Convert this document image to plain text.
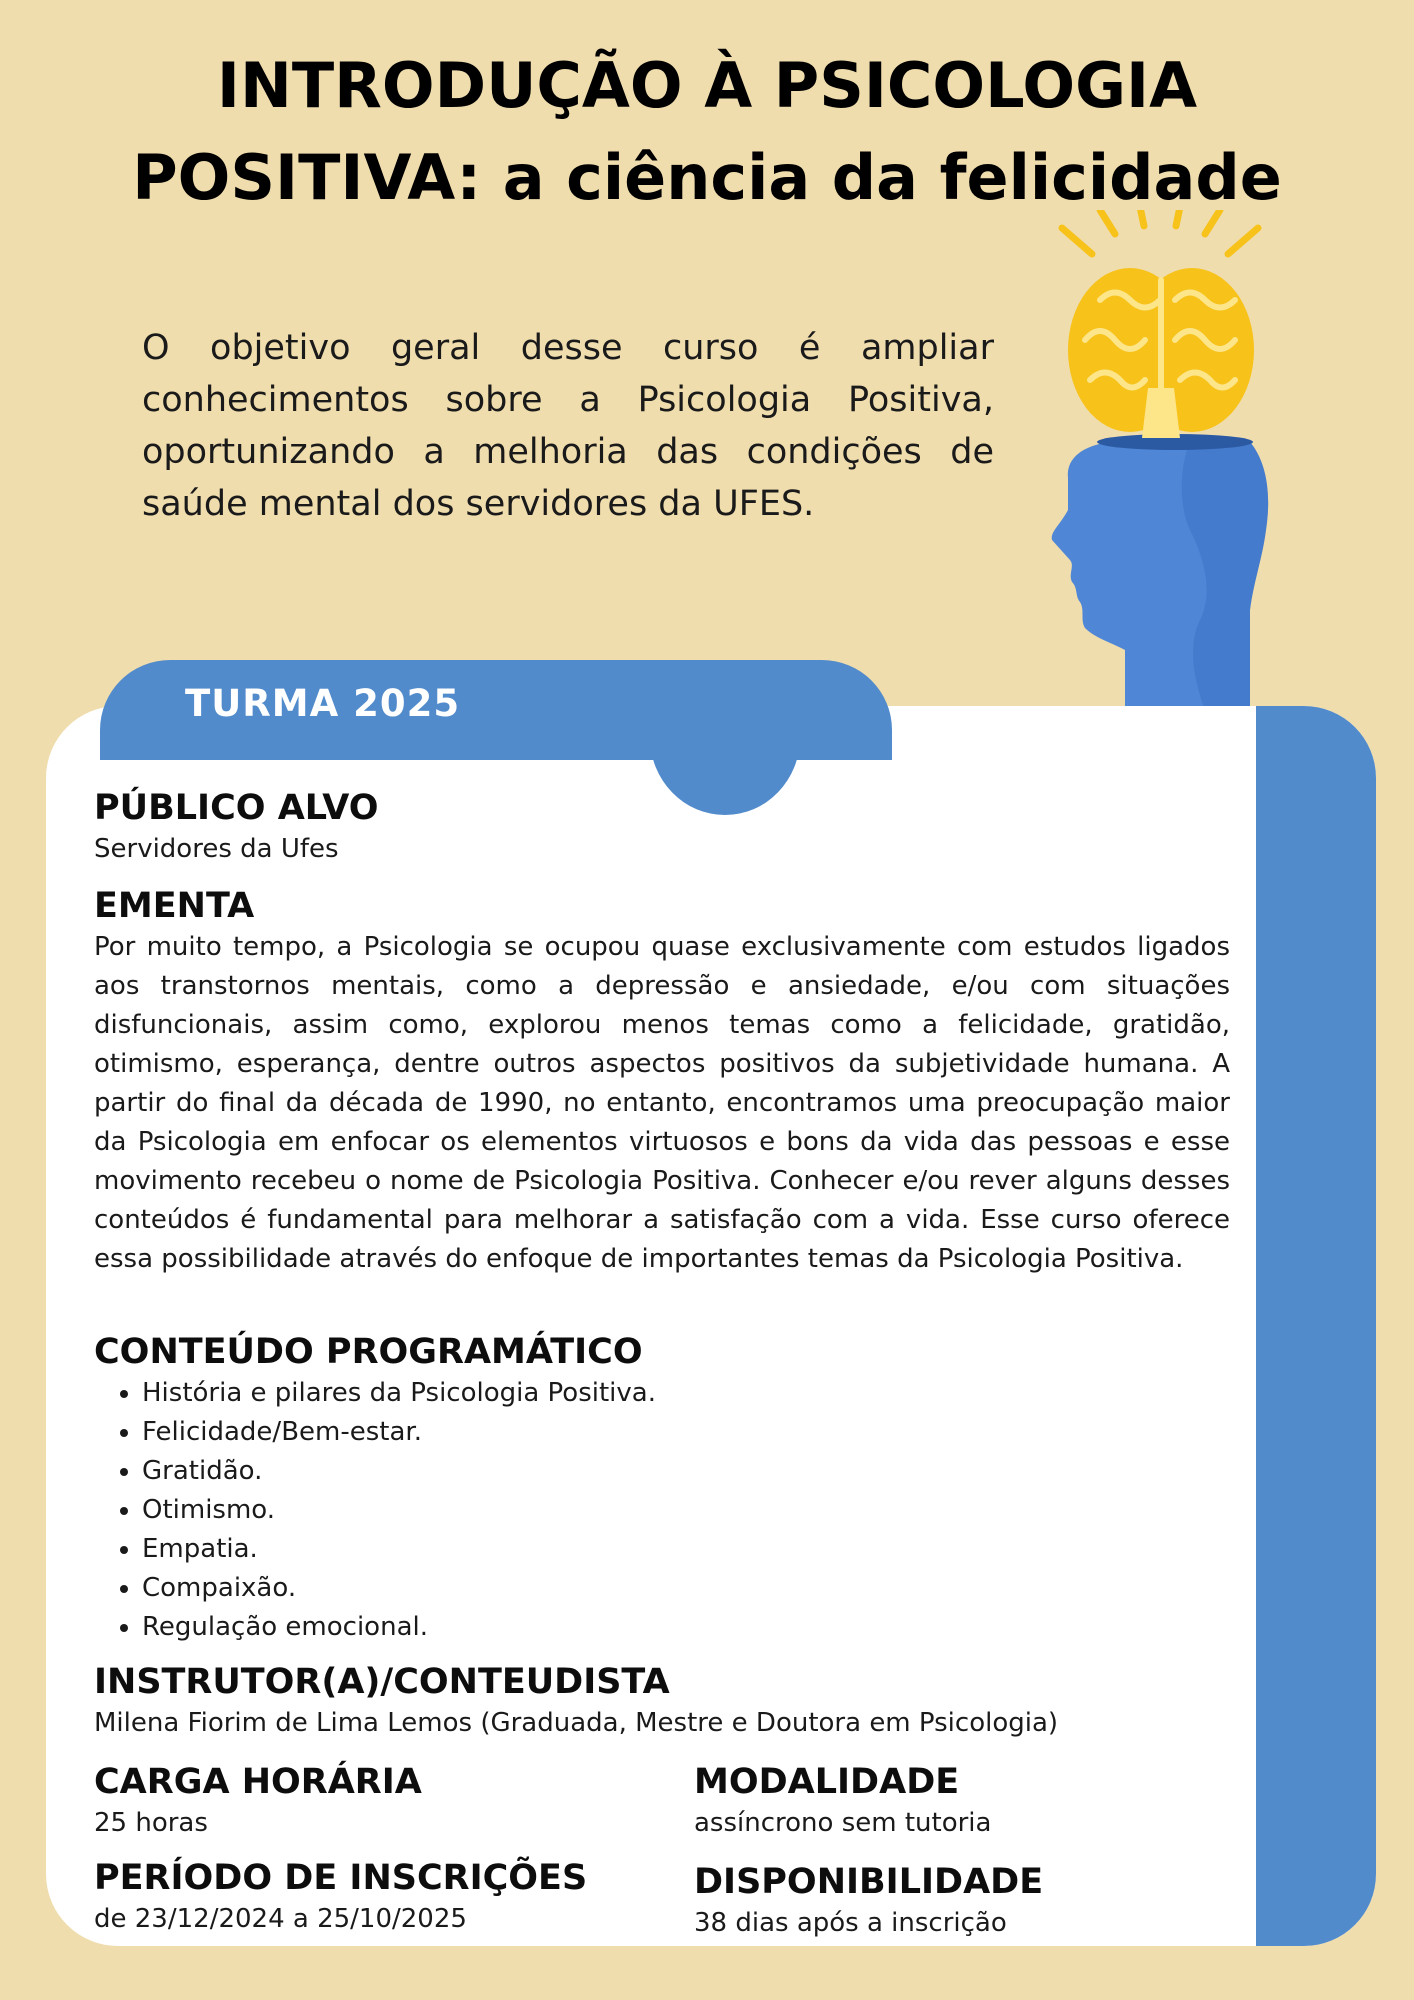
INTRODUÇÃO À PSICOLOGIA
POSITIVA: a ciência da felicidade

O objetivo geral desse curso é ampliar conhecimentos sobre a Psicologia Positiva, oportunizando a melhoria das condições de saúde mental dos servidores da UFES.

TURMA 2025
PÚBLICO ALVO

Servidores da Ufes

EMENTA

Por muito tempo, a Psicologia se ocupou quase exclusivamente com estudos ligados aos transtornos mentais, como a depressão e ansiedade, e/ou com situações disfuncionais, assim como, explorou menos temas como a felicidade, gratidão, otimismo, esperança, dentre outros aspectos positivos da subjetividade humana. A partir do final da década de 1990, no entanto, encontramos uma preocupação maior da Psicologia em enfocar os elementos virtuosos e bons da vida das pessoas e esse movimento recebeu o nome de Psicologia Positiva. Conhecer e/ou rever alguns desses conteúdos é fundamental para melhorar a satisfação com a vida. Esse curso oferece essa possibilidade através do enfoque de importantes temas da Psicologia Positiva.

CONTEÚDO PROGRAMÁTICO
• História e pilares da Psicologia Positiva.
• Felicidade/Bem-estar.
• Gratidão.
• Otimismo.
• Empatia.
• Compaixão.
• Regulação emocional.
INSTRUTOR(A)/CONTEUDISTA

Milena Fiorim de Lima Lemos (Graduada, Mestre e Doutora em Psicologia)

CARGA HORÁRIA

25 horas

MODALIDADE

assíncrono sem tutoria

PERÍODO DE INSCRIÇÕES

de 23/12/2024 a 25/10/2025

DISPONIBILIDADE

38 dias após a inscrição
